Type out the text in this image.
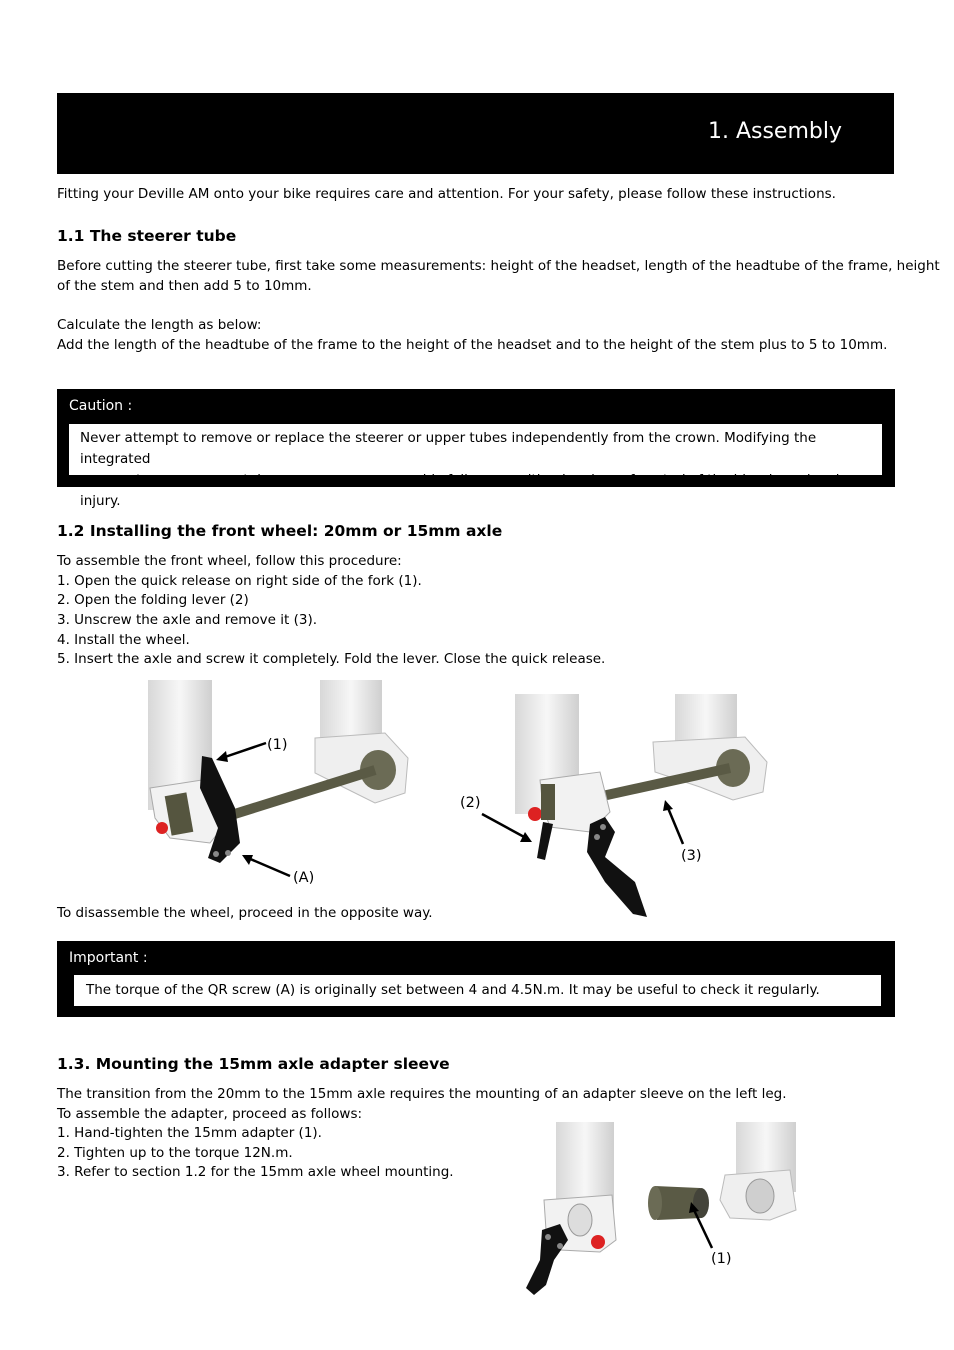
1. Assembly
Fitting your Deville AM onto your bike requires care and attention. For your safety, please follow these instructions.
1.1 The steerer tube
Before cutting the steerer tube, first take some measurements: height of the headset, length of the headtube of the frame, height
of the stem and then add 5 to 10mm.
Calculate the length as below:
Add the length of the headtube of the frame to the height of the headset and to the height of the stem plus to 5 to 10mm.
Caution :
Never attempt to remove or replace the steerer or upper tubes independently from the crown. Modifying the integrated
crown, steerer or upper tubes can cause an assembly failure, resulting in a loss of control of the bicycle and serious injury.
1.2 Installing the front wheel: 20mm or 15mm axle
To assemble the front wheel, follow this procedure:
1. Open the quick release on right side of the fork (1).
2. Open the folding lever (2)
3. Unscrew the axle and remove it (3).
4. Install the wheel.
5. Insert the axle and screw it completely. Fold the lever. Close the quick release.
(1)
(A)
(2)
(3)
To disassemble the wheel, proceed in the opposite way.
Important :
The torque of the QR screw (A) is originally set between 4 and 4.5N.m. It may be useful to check it regularly.
1.3. Mounting the 15mm axle adapter sleeve
The transition from the 20mm to the 15mm axle requires the mounting of an adapter sleeve on the left leg.
To assemble the adapter, proceed as follows:
1. Hand-tighten the 15mm adapter (1).
2. Tighten up to the torque 12N.m.
3. Refer to section 1.2 for the 15mm axle wheel mounting.
(1)
